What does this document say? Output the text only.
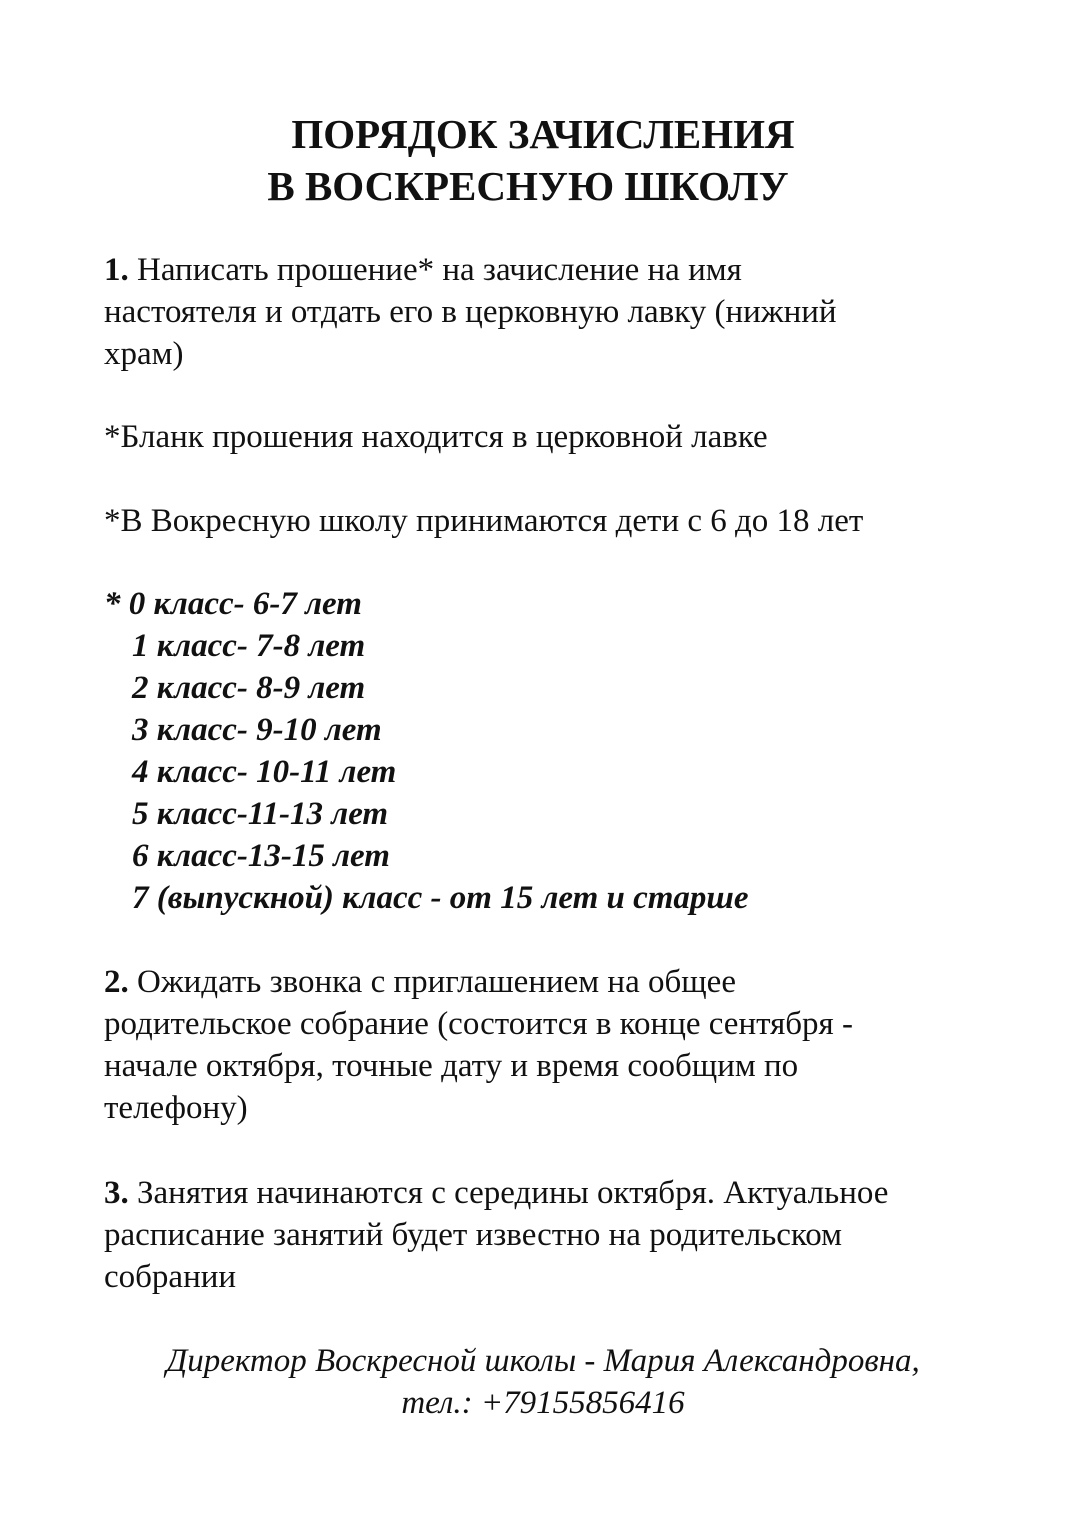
ПОРЯДОК ЗАЧИСЛЕНИЯ
В ВОСКРЕСНУЮ ШКОЛУ
1. Написать прошение* на зачисление на имя
настоятеля и отдать его в церковную лавку (нижний
храм)
*Бланк прошения находится в церковной лавке
*В Вокресную школу принимаются дети с 6 до 18 лет
* 0 класс- 6-7 лет
1 класс- 7-8 лет
2 класс- 8-9 лет
3 класс- 9-10 лет
4 класс- 10-11 лет
5 класс-11-13 лет
6 класс-13-15 лет
7 (выпускной) класс - от 15 лет и старше
2. Ожидать звонка с приглашением на общее
родительское собрание (состоится в конце сентября -
начале октября, точные дату и время сообщим по
телефону)
3. Занятия начинаются с середины октября. Актуальное
расписание занятий будет известно на родительском
собрании
Директор Воскресной школы - Мария Александровна,
тел.: +79155856416
